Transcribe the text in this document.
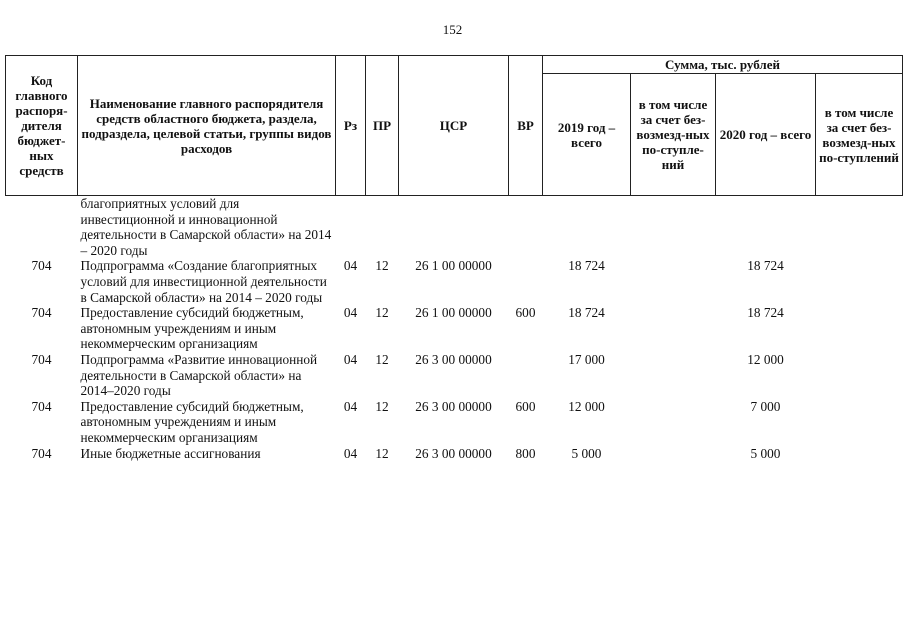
152
Код главного распоря-дителя бюджет-ных средств	Наименование главного распорядителя средств областного бюджета, раздела, подраздела, целевой статьи, группы видов расходов	Рз	ПР	ЦСР	ВР	Сумма, тыс. рублей			
						2019 год – всего	в том числе за счет без-возмезд-ных по-ступле-ний	2020 год – всего	в том числе за счет без-возмезд-ных по-ступлений
	благоприятных условий для инвестиционной и инновационной деятельности в Самарской области» на 2014 – 2020 годы								
704	Подпрограмма «Создание благоприятных условий для инвестиционной деятельности в Самарской области» на 2014 – 2020 годы	04	12	26 1 00 00000		18 724		18 724	
704	Предоставление субсидий бюджетным, автономным учреждениям и иным некоммерческим организациям	04	12	26 1 00 00000	600	18 724		18 724	
704	Подпрограмма «Развитие инновационной деятельности в Самарской области» на 2014–2020 годы	04	12	26 3 00 00000		17 000		12 000	
704	Предоставление субсидий бюджетным, автономным учреждениям и иным некоммерческим организациям	04	12	26 3 00 00000	600	12 000		7 000	
704	Иные бюджетные ассигнования	04	12	26 3 00 00000	800	5 000		5 000	
